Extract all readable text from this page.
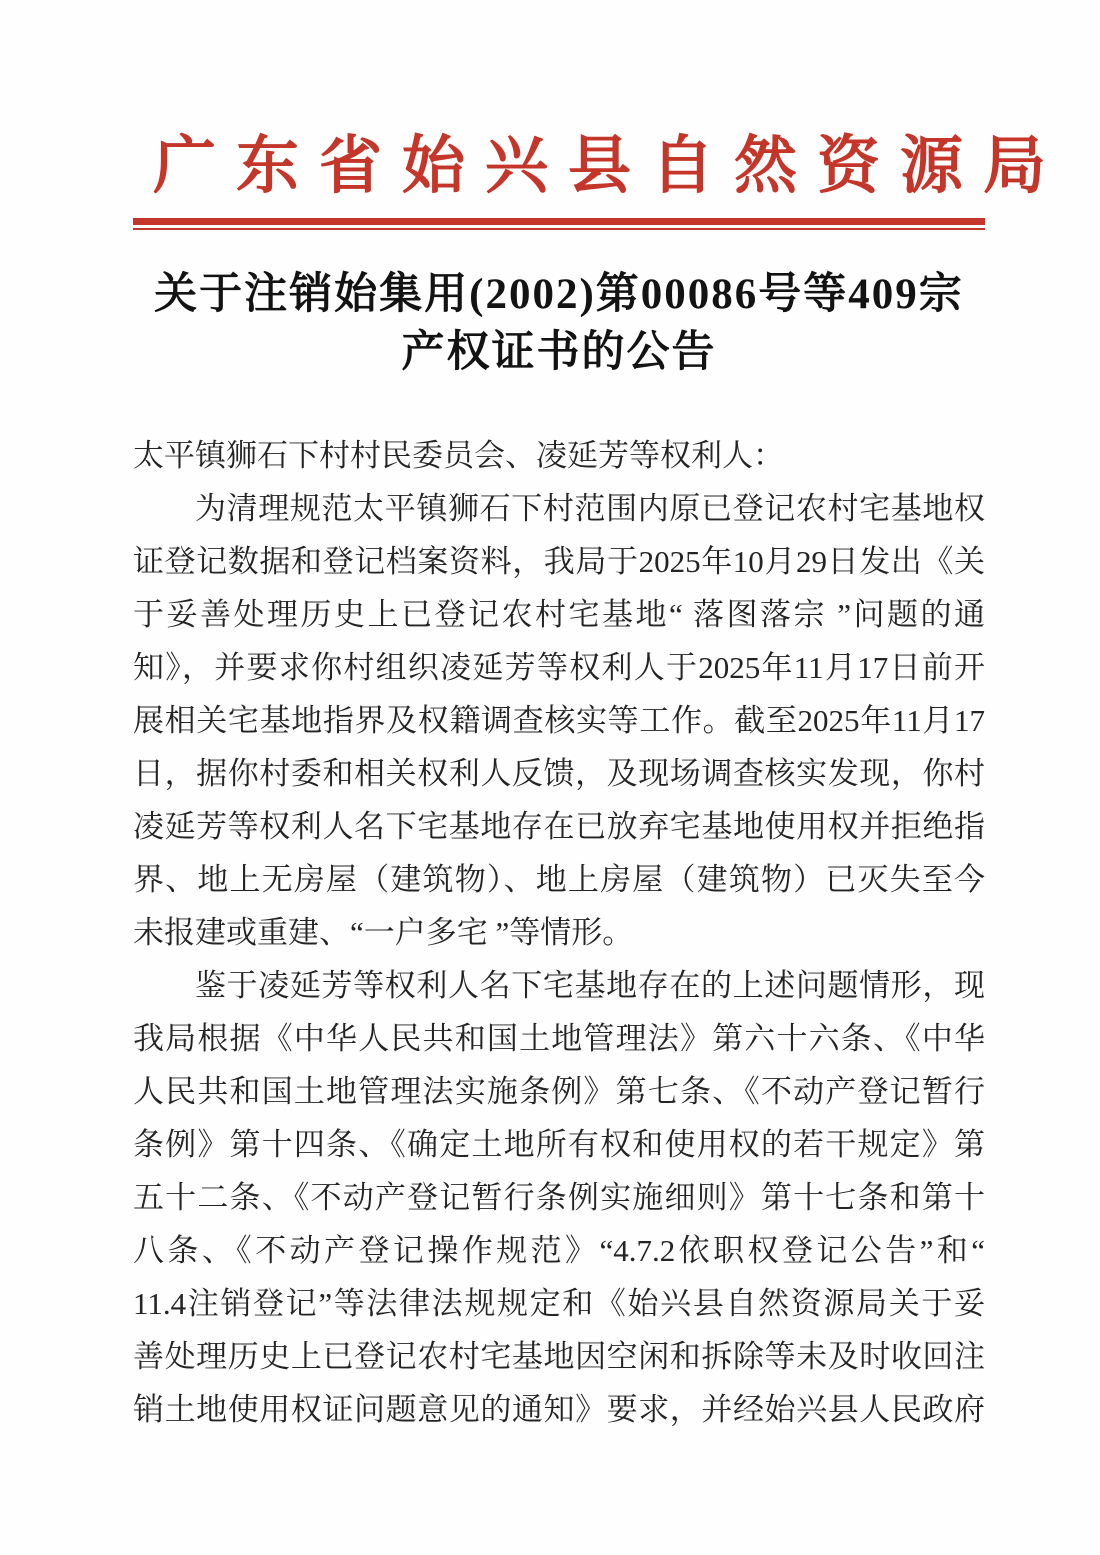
广东省始兴县自然资源局
关于注销始集用(2002)第00086号等409宗
产权证书的公告
太平镇狮石下村村民委员会、凌延芳等权利人：
为清理规范太平镇狮石下村范围内原已登记农村宅基地权
证登记数据和登记档案资料，我局于2025年10月29日发出《关
于妥善处理历史上已登记农村宅基地“ 落图落宗 ”问题的通
知》，并要求你村组织凌延芳等权利人于2025年11月17日前开
展相关宅基地指界及权籍调查核实等工作。截至2025年11月17
日，据你村委和相关权利人反馈，及现场调查核实发现，你村
凌延芳等权利人名下宅基地存在已放弃宅基地使用权并拒绝指
界、地上无房屋（建筑物）、地上房屋（建筑物）已灭失至今
未报建或重建、“一户多宅 ”等情形。
鉴于凌延芳等权利人名下宅基地存在的上述问题情形，现
我局根据《中华人民共和国土地管理法》第六十六条、《中华
人民共和国土地管理法实施条例》第七条、《不动产登记暂行
条例》第十四条、《确定土地所有权和使用权的若干规定》第
五十二条、《不动产登记暂行条例实施细则》第十七条和第十
八条、《不动产登记操作规范》“4.7.2依职权登记公告”和“
11.4注销登记”等法律法规规定和《始兴县自然资源局关于妥
善处理历史上已登记农村宅基地因空闲和拆除等未及时收回注
销土地使用权证问题意见的通知》要求，并经始兴县人民政府
